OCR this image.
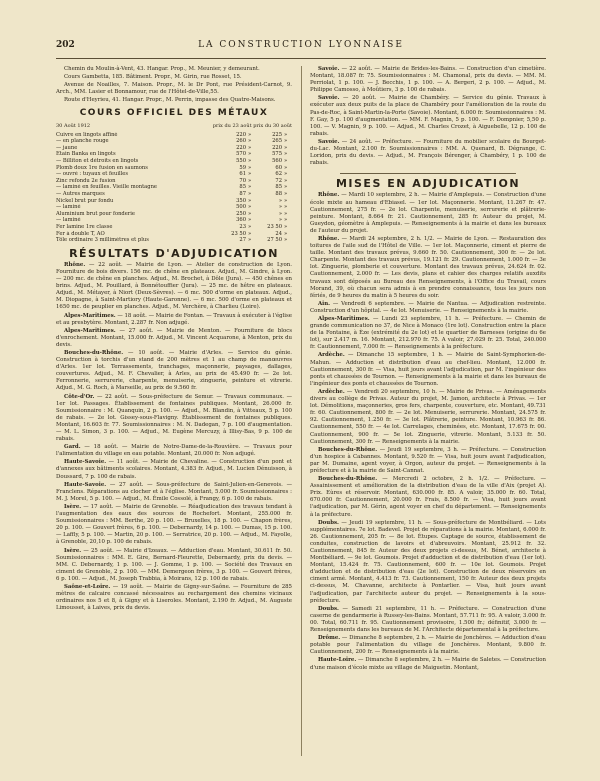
202	LA CONSTRUCTION LYONNAISE

Chemin du Moulin-à-Vent, 43. Hangar. Prop., M. Meunier, y demeurant.

Cours Gambetta, 185. Bâtiment. Propr., M. Girin, rue Rosset, 15.

Avenue de Noailles, 7. Maison. Propr., M. le Dr Pont, rue Président-Carnot, 9. Arch., MM. Lasier et Bonnamour, rue de l'Hôtel-de-Ville,55.

Route d'Heyrieu, 41. Hangar. Propr., M. Perrin, impasse des Quatre-Maisons.

COURS OFFICIEL DES MÉTAUX
30 Août 1912	prix du 23 août prix du 30 août
Cuivre en lingots affiné	220	»	225	»
— en planche rouge	260	»	265	»
— jaune	220	»	220	»
Etain Banka en lingots	570	»	575	»
— Billiton et détroits en lingots	550	»	560	»
Plomb doux 1re fusion en saumons	59	»	60	»
— ouvré : tuyaux et feuilles	61	»	62	»
Zinc refondu 2e fusion	70	»	72	»
— laminé en feuilles. Vieille montagne	85	»	85	»
— Autres marques	87	»	88	»
Nickel brut pur fondu	350	»	»	»
— laminé	500	»	»	»
Aluminium brut pour fonderie	250	»	»	»
— laminé	360	»	»	»
Fer lamine 1re classe	23	»	23 50	»
Fer à double T, AO	23 50	»	24	»
Tôle ordinaire 3 millimètres et plus	27	»	27 50	»
RÉSULTATS D'ADJUDICATION

Rhône. — 22 août. — Mairie de Lyon. — Atelier de construction de Lyon. Fourniture de bois divers. 156 mc. de chêne en plateaux. Adjud., M. Gindre, à Lyon. — 200 mc. de chêne en planches. Adjud., M. Brochet, à Dôle (Jura). — 450 chênes en brins. Adjud., M. Pouillard, à Bonnétouffier (Jura). — 25 mc. de hêtre en plateaux. Adjud., M. Métayer, à Niort (Deux-Sèvres). — 6 mc. 500 d'orme en plateaux. Adjud., M. Diopagne, à Saint-Martiory (Haute-Garonne). — 6 mc. 500 d'orme en plateaux et 1650 mc. de peuplier en planches. Adjud., M. Verchère, à Charlieu (Loire).

Alpes-Maritimes. — 18 août. — Mairie de Fontan. — Travaux à exécuter à l'église et au presbytère. Montant, 2.287 fr. Non adjugé.

Alpes-Maritimes. — 27 août. — Mairie de Menton. — Fourniture de blocs d'enrochement. Montant, 15.000 fr. Adjud., M. Vincent Acquarone, à Menton, prix du devis.

Bouches-du-Rhône. — 10 août. — Mairie d'Arles. — Service du génie. Construction à torchis d'un stand de 200 mètres et 1 au champ de manœuvres d'Arles. 1er lot. Terrassements, tranchages, maçonnerie, paysages, dallages, couvertures. Adjud., M. F. Chevalier, à Arles, au prix de 45.490 fr. — 2e lot. Ferronnerie, serrurerie, charpente, menuiserie, zinguerie, peinture et vitrerie. Adjud., M. G. Roch, à Marseille, au prix de 9.560 fr.

Côte-d'Or. — 22 août. — Sous-préfecture de Semur. — Travaux communaux. — 1er lot. Passages. Établissement de fontaines publiques. Montant, 26.000 fr. Soumissionnaire : M. Quanquin, 2 p. 100. — Adjud., M. Blandin, à Vitteaux, 5 p. 100 de rabais. — 2e lot. Gissey-sous-Flavigny. Établissement de fontaines publiques. Montant, 16.603 fr. 77. Soumissionnaires : M. N. Dadegan, 7 p. 100 d'augmentation. — M. L. Simon, 3 p. 100. — Adjud., M. Eugène Mercuzy, à Illisy-Bas, 9 p. 100 de rabais.

Gard. — 18 août. — Mairie de Notre-Dame-de-la-Rouvière. — Travaux pour l'alimentation du village en eau potable. Montant, 20.000 fr. Non adjugé.

Haute-Savoie. — 11 août. — Mairie de Chevaline. — Construction d'un pont et d'annexes aux bâtiments scolaires. Montant, 4.383 fr. Adjud., M. Lucien Dénuisson, à Doussard, 7 p. 100 de rabais.

Haute-Savoie. — 27 août. — Sous-préfecture de Saint-Julien-en-Genevois. — Franclens. Réparations au clocher et à l'église. Montant, 5.000 fr. Soumissionnaires : M. J. Morel, 5 p. 100. — Adjud., M. Émile Cossolé, à Frangy, 6 p. 100 de rabais.

Isère. — 17 août. — Mairie de Grenoble. — Réadjudication des travaux tendant à l'augmentation des eaux des sources de Rochefort. Montant, 255.000 fr. Soumissionnaires : MM. Berthe, 20 p. 100. — Bruxelles, 18 p. 100. — Chapon frères, 20 p. 100. — Gouvert frères, 6 p. 100. — Debernardy, 14 p. 100. — Dumas, 15 p. 100. — Laffly, 5 p. 100. — Martin, 20 p. 100. — Serratrice, 20 p. 100. — Adjud., M. Fayolle, à Grenoble, 20,10 p. 100 de rabais.

Isère. — 25 août. — Mairie d'Izeaux. — Adduction d'eau. Montant, 30.611 fr. 50. Soumissionnaires : MM. E. Gire, Bernard-Fleurette, Debernardy, prix du devis. — MM. C. Debernardy, 1 p. 100. — J. Gomme, 1 p. 100. — Société des Travaux en ciment de Grenoble, 2 p. 100. — MM. Demergeon frères, 3 p. 100. — Gouvert frères, 6 p. 100. — Adjud., M. Joseph Trabbia, à Moirans, 12 p. 100 de rabais.

Saône-et-Loire. — 19 août. — Mairie de Gigny-sur-Saône. — Fourniture de 285 mètres de calcaire concassé nécessaires au rechargement des chemins vicinaux ordinaires nos 5 et 8, à Gigny et à Liseroles. Montant, 2.190 fr. Adjud., M. Auguste Limousset, à Laives, prix du devis.

Savoie. — 22 août. — Mairie de Brides-les-Bains. — Construction d'un cimetière. Montant, 18.087 fr. 75. Soumissionnaires : M. Chamonal, prix du devis. — MM. M. Perriolat, 1 p. 100. — J. Becchis, 1 p. 100. — A. Bergeri, 2 p. 100. — Adjud., M. Philippe Camosso, à Moûtiers, 3 p. 100 de rabais.

Savoie. — 20 août. — Mairie de Chambéry. — Service du génie. Travaux à exécuter aux deux puits de la place de Chambéry pour l'amélioration de la route du Pas-de-Roc, à Saint-Martin-la-Porte (Savoie). Montant, 6.000 fr. Soumissionnaires : M. F. Gay, 5 p. 100 d'augmentation. — MM. F. Magnin, 5 p. 100. — F. Dompnier, 5,50 p. 100. — V. Magnin, 9 p. 100. — Adjud., M. Charles Crozet, à Aiguebelle, 12 p. 100 de rabais.

Savoie. — 24 août. — Préfecture. — Fourniture du mobilier scolaire du Bourget-du-Lac. Montant, 2.100 fr. Soumissionnaires : MM. A. Quenard, B. Dégrange, C. Loridon, prix du devis. — Adjud., M. François Bérenger, à Chambéry, 1 p. 100 de rabais.

MISES EN ADJUDICATION

Rhône. — Mardi 10 septembre, 2 h. — Mairie d'Amplepuis. — Construction d'une école mixte au hameau d'Ebiasel. — 1er lot. Maçonnerie. Montant, 11.267 fr. 47. Cautionnement, 275 fr. — 2e lot. Charpente, menuiserie, serrurerie et plâtrerie-peinture. Montant, 8.664 fr. 21. Cautionnement, 285 fr. Auteur du projet, M. Gueydon, géomètre à Amplepuis. — Renseignements à la mairie et dans les bureaux de l'auteur du projet.

Rhône. — Mardi 24 septembre, 2 h. 1/2. — Mairie de Lyon. — Restauration des toitures de l'aile sud de l'Hôtel de Ville. — 1er lot. Maçonnerie, ciment et pierre de taille. Montant des travaux prévus, 9.660 fr. 50. Cautionnement, 300 fr. — 2e lot. Charpente. Montant des travaux prévus, 19.121 fr. 29. Cautionnement, 1.000 fr. — 3e lot. Zinguerie, plomberie et couverture. Montant des travaux prévus, 24.624 fr. 02. Cautionnement, 2.000 fr. — Les devis, plans et cahier des charges relatifs auxdits travaux sont déposés au Bureau des Renseignements, à l'Office du Travail, cours Morand, 39, où chacun sera admis à en prendre connaissance, tous les jours non fériés, de 9 heures du matin à 5 heures du soir.

Ain. — Vendredi 6 septembre. — Mairie de Nantua. — Adjudication restreinte. Construction d'un hôpital. — 4e lot. Menuiserie. — Renseignements à la mairie.

Alpes-Maritimes. — Lundi 23 septembre, 11 h. — Préfecture. — Chemin de grande communication no 37, de Nice à Monaco (1re lot). Construction entre la place de la Fontaine, à Èze (extrémité du 2e lot) et le quartier de Barneses (origine du 6e lot), sur 2.417 m. 16. Montant, 212.970 fr. 75. A valoir, 27.029 fr. 25. Total, 240.000 fr. Cautionnement, 7.000 fr. — Renseignements à la préfecture.

Ardèche. — Dimanche 15 septembre, 1 h. — Mairie de Saint-Symphorien-de-Mahun. — Adduction et distribution d'eau au chef-lieu. Montant, 12.000 fr. Cautionnement, 300 fr. — Visa, huit jours avant l'adjudication, par M. l'ingénieur des ponts et chaussées de Tournon. — Renseignements à la mairie et dans les bureaux de l'ingénieur des ponts et chaussées de Tournon.

Ardèche. — Vendredi 20 septembre, 10 h. — Mairie de Privas. — Aménagements divers au collège de Privas. Auteur du projet, M. Jamon, architecte à Privas. — 1er lot. Démolitions, maçonneries, gros fers, charpente, couverture, etc. Montant, 49.731 fr. 60. Cautionnement, 800 fr. — 2e lot. Menuiserie, serrurerie. Montant, 24.575 fr. 92. Cautionnement, 1.250 fr. — 3e lot. Plâtrerie, peinture. Montant, 10.963 fr. 86. Cautionnement, 550 fr. — 4e lot. Carrelages, cheminées, etc. Montant, 17.675 fr. 00. Cautionnement, 900 fr. — 5e lot. Zinguerie, vitrerie. Montant, 5.133 fr. 50. Cautionnement, 300 fr. — Renseignements à la mairie.

Bouches-du-Rhône. — Jeudi 19 septembre, 3 h. — Préfecture. — Construction d'un hospice à Cabannes. Montant, 9.520 fr. — Visa, huit jours avant l'adjudication, par M. Dumaine, agent voyer, à Orgon, auteur du projet. — Renseignements à la préfecture et à la mairie de Saint-Cannat.

Bouches-du-Rhône. — Mercredi 2 octobre, 2 h. 1/2. — Préfecture. — Assainissement et amélioration de la distribution d'eau de la ville d'Aix (projet A). Prix. Eùres et réservoir. Montant, 630.000 fr. 85. A valoir, 35.000 fr. 60. Total, 670.000 fr. Cautionnement, 20.000 fr. Frais, 8.500 fr. — Visa, huit jours avant l'adjudication, par M. Gérin, agent voyer en chef du département. — Renseignements à la préfecture.

Doubs. — Jeudi 19 septembre, 11 h. — Sous-préfecture de Montbéliard. — Lots supplémentaires. 7e lot. Badevel. Projet de réparations à la mairie. Montant, 6.000 fr. 26. Cautionnement, 205 fr. — 8e lot. Étupes. Captage de source, établissement de conduites, construction de lavoirs et d'abreuvoirs. Montant, 25.912 fr. 32. Cautionnement, 845 fr. Auteur des deux projets ci-dessus, M. Bénet, architecte à Montbéliard. — 9e lot. Goumois. Projet d'adduction et de distribution d'eau (1er lot). Montant, 15.424 fr. 75. Cautionnement, 600 fr. — 10e lot. Goumois. Projet d'adduction et de distribution d'eau (2e lot). Construction de deux réservoirs en ciment armé. Montant, 4.413 fr. 73. Cautionnement, 150 fr. Auteur des deux projets ci-dessus, M. Chavanne, architecte à Pontarlier. — Visa, huit jours avant l'adjudication, par l'architecte auteur du projet. — Renseignements à la sous-préfecture.

Doubs. — Samedi 21 septembre, 11 h. — Préfecture. — Construction d'une caserne de gendarmerie à Russey-les-Bains. Montant, 57.711 fr. 95. A valoir, 3.000 fr. 00. Total, 60.711 fr. 95. Cautionnement provisoire, 1.500 fr.; définitif, 3.000 fr. — Renseignements dans les bureaux de M. l'Architecte départemental à la préfecture.

Drôme. — Dimanche 8 septembre, 2 h. — Mairie de Jonchères. — Adduction d'eau potable pour l'alimentation du village de Jonchères. Montant, 9.800 fr. Cautionnement, 200 fr. — Renseignements à la mairie.

Haute-Loire. — Dimanche 8 septembre, 2 h. — Mairie de Saletes. — Construction d'une maison d'école mixte au village de Maiguetin. Montant,
